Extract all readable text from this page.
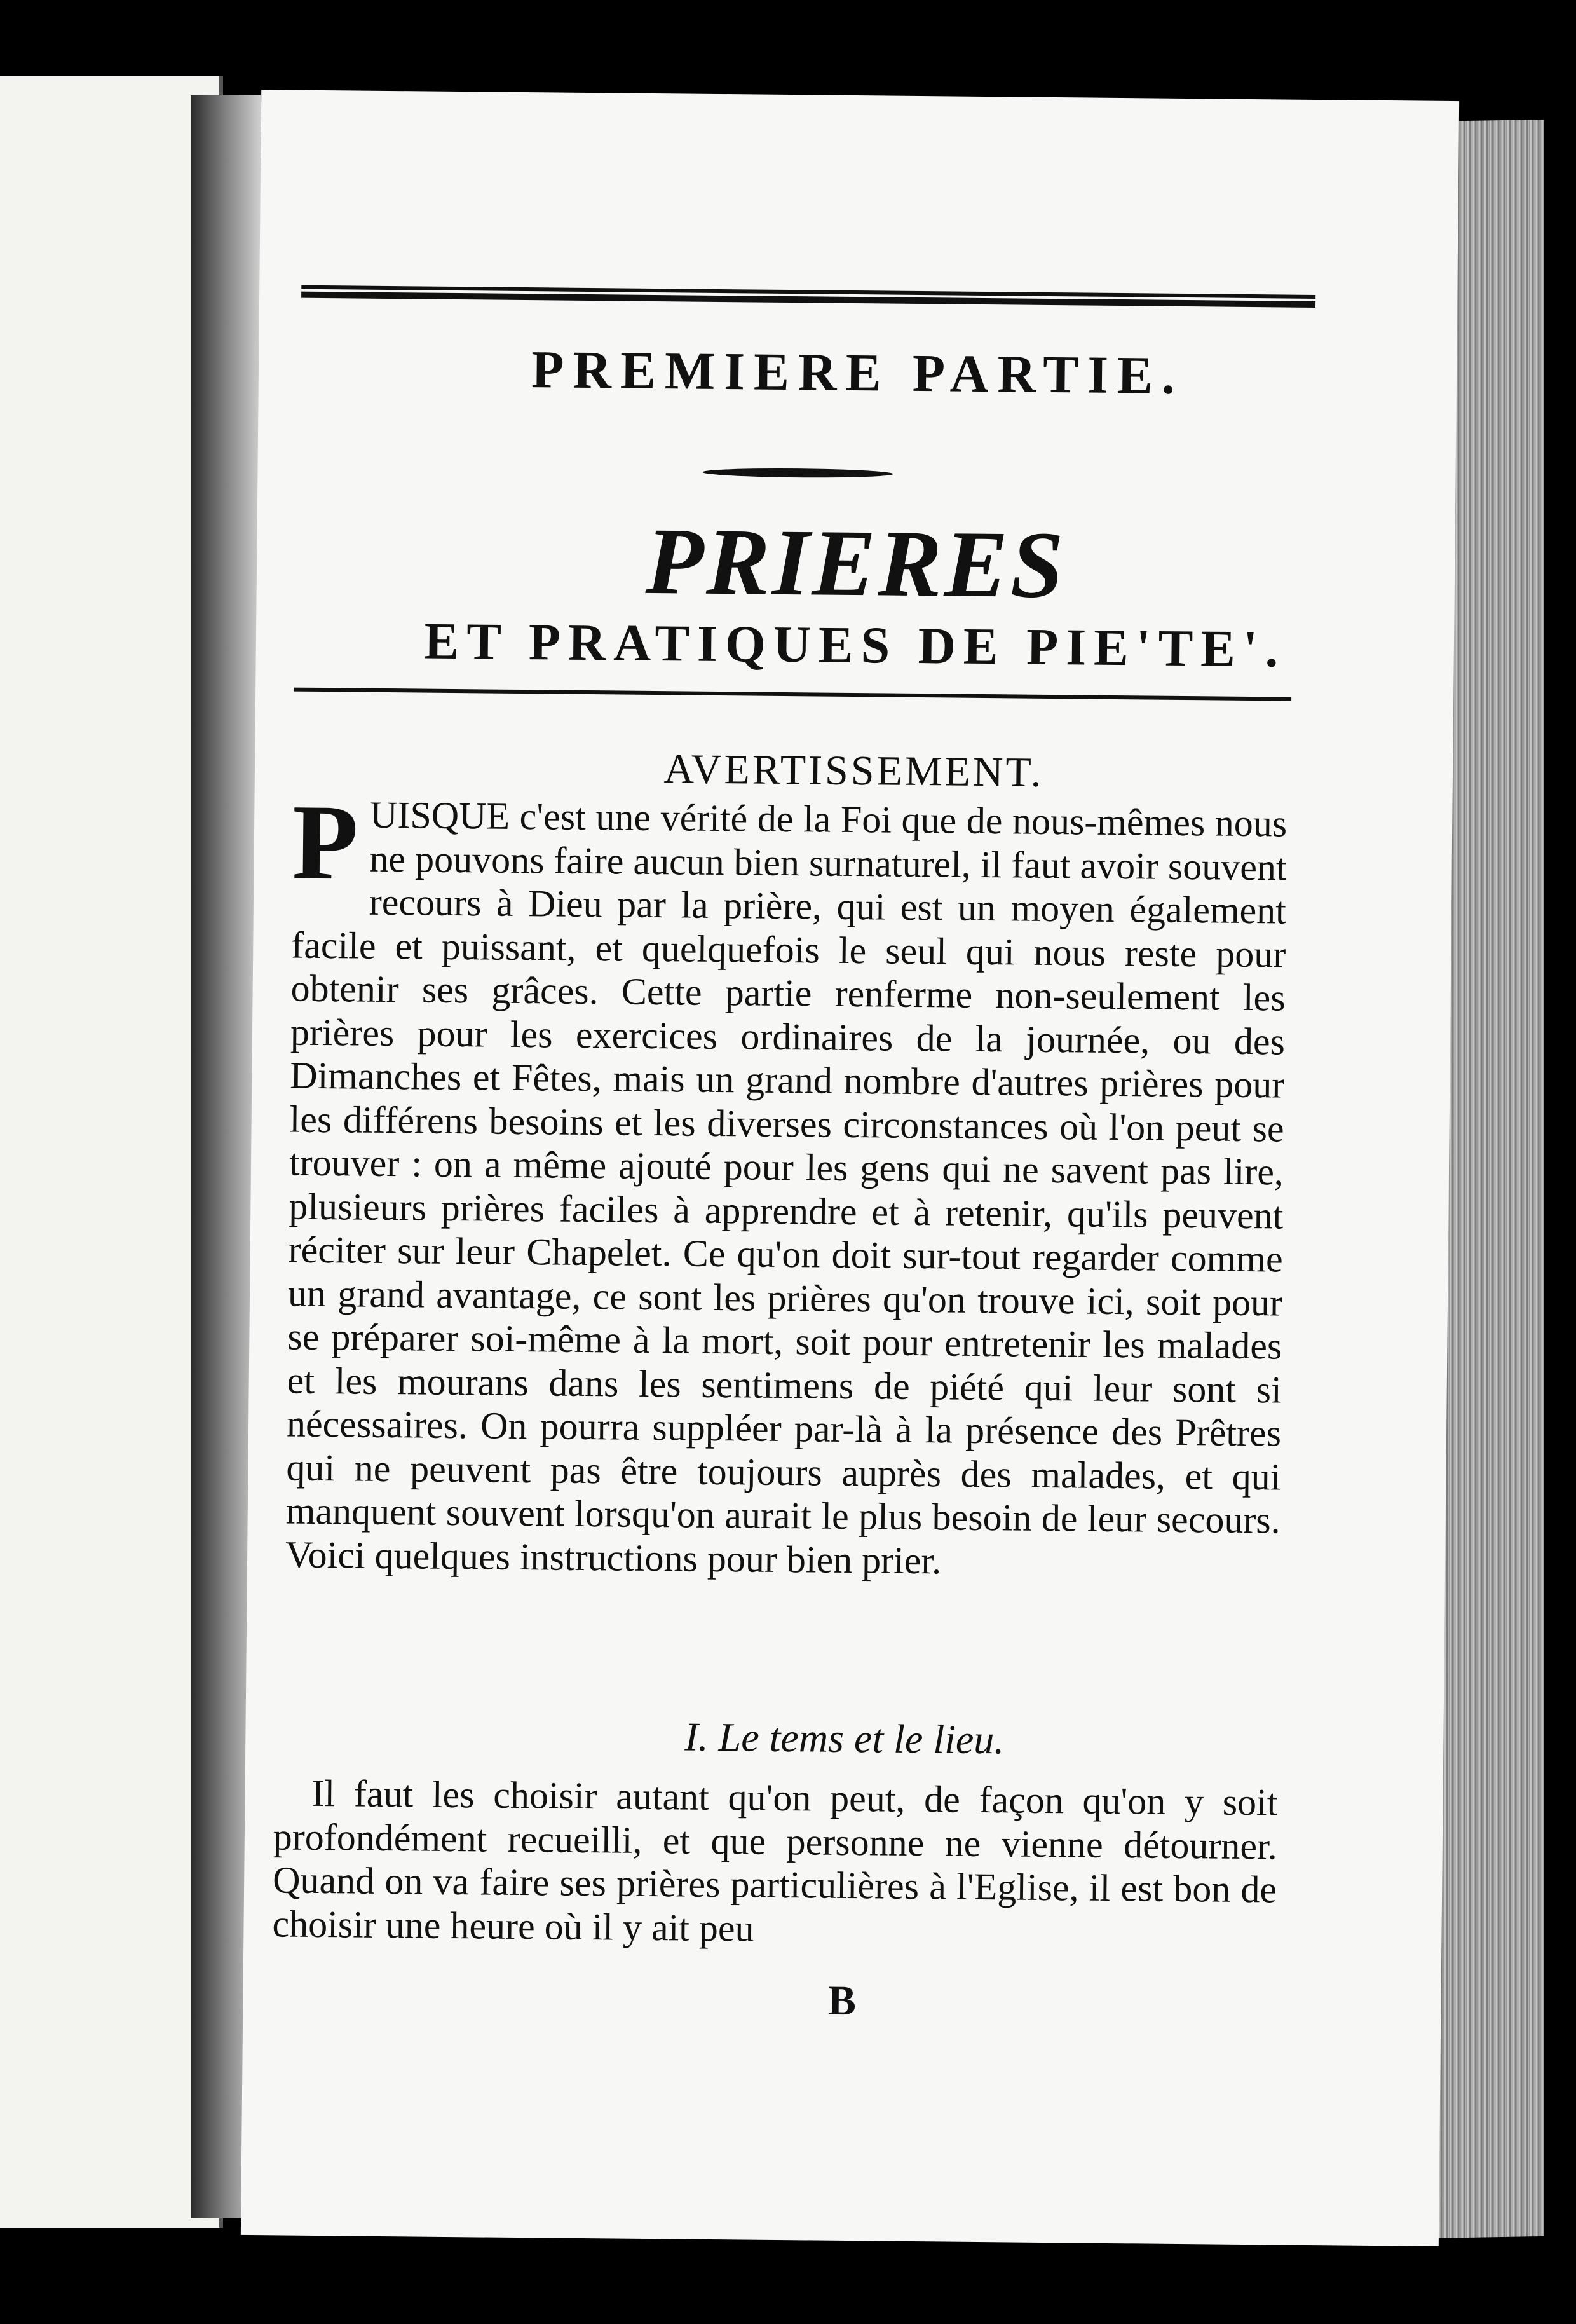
PREMIERE PARTIE.
PRIERES
ET PRATIQUES DE PIE'TE'.
AVERTISSEMENT.
P UISQUE c'est une vérité de la Foi que de nous-mêmes nous ne pouvons faire aucun bien surnaturel, il faut avoir souvent recours à Dieu par la prière, qui est un moyen également facile et puissant, et quelquefois le seul qui nous reste pour obtenir ses grâces. Cette partie renferme non-seulement les prières pour les exercices ordinaires de la journée, ou des Dimanches et Fêtes, mais un grand nombre d'autres prières pour les différens besoins et les diverses circonstances où l'on peut se trouver : on a même ajouté pour les gens qui ne savent pas lire, plusieurs prières faciles à apprendre et à retenir, qu'ils peuvent réciter sur leur Chapelet. Ce qu'on doit sur-tout regarder comme un grand avantage, ce sont les prières qu'on trouve ici, soit pour se préparer soi-même à la mort, soit pour entretenir les malades et les mourans dans les sentimens de piété qui leur sont si nécessaires. On pourra suppléer par-là à la présence des Prêtres qui ne peuvent pas être toujours auprès des malades, et qui manquent souvent lorsqu'on aurait le plus besoin de leur secours. Voici quelques instructions pour bien prier.

I. Le tems et le lieu.
Il faut les choisir autant qu'on peut, de façon qu'on y soit profondément recueilli, et que personne ne vienne détourner. Quand on va faire ses prières particulières à l'Eglise, il est bon de choisir une heure où il y ait peu
B
